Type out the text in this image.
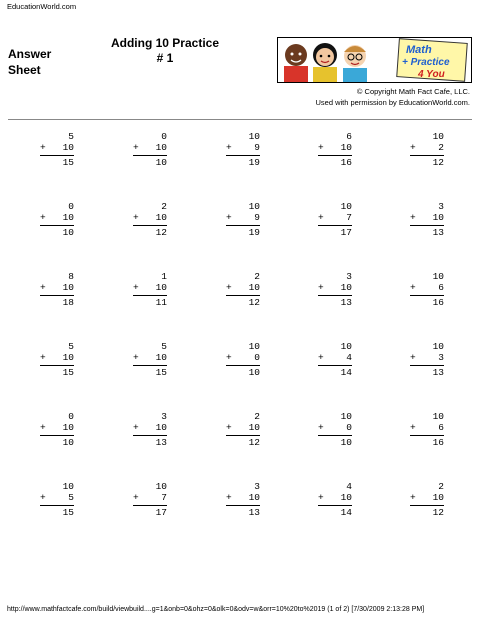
EducationWorld.com
Answer
Sheet
Adding 10 Practice
# 1
Math
+ Practice
4 You
© Copyright Math Fact Cafe, LLC.
Used with permission by EducationWorld.com.
5
+ 10
15
0
+ 10
10
10
+ 9
19
6
+ 10
16
10
+ 2
12
0
+ 10
10
2
+ 10
12
10
+ 9
19
10
+ 7
17
3
+ 10
13
8
+ 10
18
1
+ 10
11
2
+ 10
12
3
+ 10
13
10
+ 6
16
5
+ 10
15
5
+ 10
15
10
+ 0
10
10
+ 4
14
10
+ 3
13
0
+ 10
10
3
+ 10
13
2
+ 10
12
10
+ 0
10
10
+ 6
16
10
+ 5
15
10
+ 7
17
3
+ 10
13
4
+ 10
14
2
+ 10
12
http://www.mathfactcafe.com/build/viewbuild....g=1&onb=0&ohz=0&olk=0&odv=w&orr=10%20to%2019 (1 of 2) [7/30/2009 2:13:28 PM]
